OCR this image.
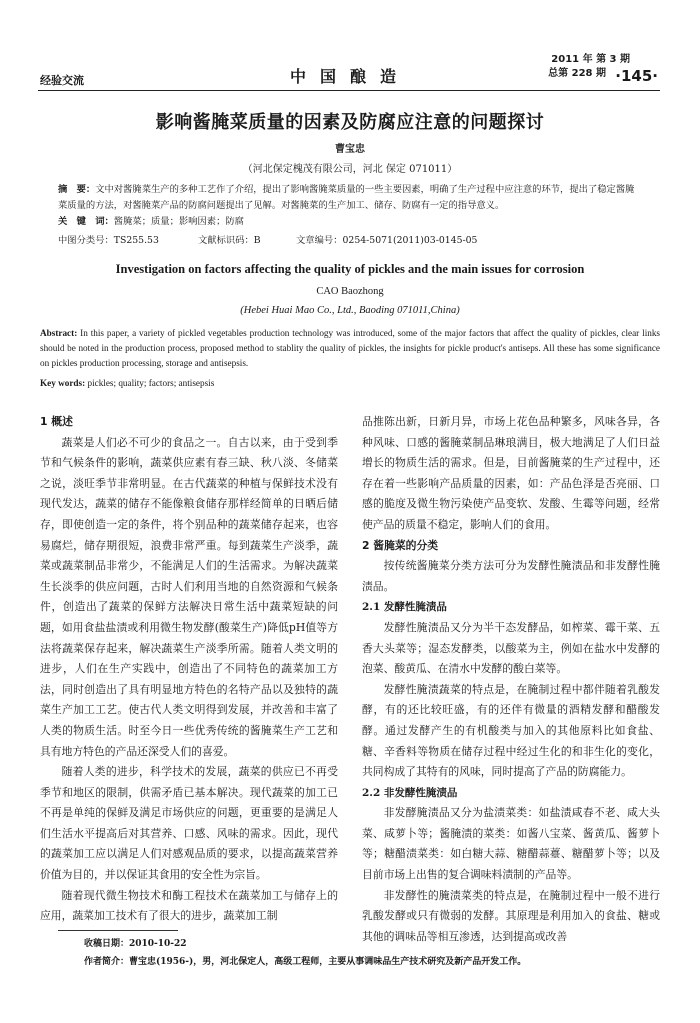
经验交流	中国酿造
2011 年 第 3 期
总第 228 期 ·145·
影响酱腌菜质量的因素及防腐应注意的问题探讨
曹宝忠
（河北保定槐茂有限公司，河北 保定 071011）
摘　要：文中对酱腌菜生产的多种工艺作了介绍，提出了影响酱腌菜质量的一些主要因素，明确了生产过程中应注意的环节，提出了稳定酱腌菜质量的方法，对酱腌菜产品的防腐问题提出了见解。对酱腌菜的生产加工、储存、防腐有一定的指导意义。
关　键　词：酱腌菜；质量；影响因素；防腐
中图分类号：TS255.53	文献标识码：B	文章编号：0254-5071(2011)03-0145-05
Investigation on factors affecting the quality of pickles and the main issues for corrosion
CAO Baozhong
(Hebei Huai Mao Co., Ltd., Baoding 071011,China)
Abstract: In this paper, a variety of pickled vegetables production technology was introduced, some of the major factors that affect the quality of pickles, clear links should be noted in the production process, proposed method to stablity the quality of pickles, the insights for pickle product's antiseps. All these has some significance on pickles production processing, storage and antisepsis.
Key words: pickles; quality; factors; antisepsis

1 概述

蔬菜是人们必不可少的食品之一。自古以来，由于受到季节和气候条件的影响，蔬菜供应素有春三缺、秋八淡、冬储菜之说，淡旺季节非常明显。在古代蔬菜的种植与保鲜技术没有现代发达，蔬菜的储存不能像粮食储存那样经简单的日晒后储存，即使创造一定的条件，将个别品种的蔬菜储存起来，也容易腐烂，储存期很短，浪费非常严重。每到蔬菜生产淡季，蔬菜或蔬菜制品非常少，不能满足人们的生活需求。为解决蔬菜生长淡季的供应问题，古时人们利用当地的自然资源和气候条件，创造出了蔬菜的保鲜方法解决日常生活中蔬菜短缺的问题，如用食盐盐渍或利用微生物发酵(酸菜生产)降低pH值等方法将蔬菜保存起来，解决蔬菜生产淡季所需。随着人类文明的进步，人们在生产实践中，创造出了不同特色的蔬菜加工方法，同时创造出了具有明显地方特色的名特产品以及独特的蔬菜生产加工工艺。使古代人类文明得到发展，并改善和丰富了人类的物质生活。时至今日一些优秀传统的酱腌菜生产工艺和具有地方特色的产品还深受人们的喜爱。

随着人类的进步，科学技术的发展，蔬菜的供应已不再受季节和地区的限制，供需矛盾已基本解决。现代蔬菜的加工已不再是单纯的保鲜及满足市场供应的问题，更重要的是满足人们生活水平提高后对其营养、口感、风味的需求。因此，现代的蔬菜加工应以满足人们对感观品质的要求，以提高蔬菜营养价值为目的，并以保证其食用的安全性为宗旨。

随着现代微生物技术和酶工程技术在蔬菜加工与储存上的应用，蔬菜加工技术有了很大的进步，蔬菜加工制

品推陈出新，日新月异，市场上花色品种繁多，风味各异，各种风味、口感的酱腌菜制品琳琅满目，极大地满足了人们日益增长的物质生活的需求。但是，目前酱腌菜的生产过程中，还存在着一些影响产品质量的因素，如：产品色泽是否亮丽、口感的脆度及微生物污染使产品变软、发酸、生霉等问题，经常使产品的质量不稳定，影响人们的食用。

2 酱腌菜的分类

按传统酱腌菜分类方法可分为发酵性腌渍品和非发酵性腌渍品。

2.1 发酵性腌渍品

发酵性腌渍品又分为半干态发酵品，如榨菜、霉干菜、五香大头菜等；湿态发酵类，以酸菜为主，例如在盐水中发酵的泡菜、酸黄瓜、在清水中发酵的酸白菜等。

发酵性腌渍蔬菜的特点是，在腌制过程中都伴随着乳酸发酵，有的还比较旺盛，有的还伴有微量的酒精发酵和醋酸发酵。通过发酵产生的有机酸类与加入的其他原料比如食盐、糖、辛香料等物质在储存过程中经过生化的和非生化的变化，共同构成了其特有的风味，同时提高了产品的防腐能力。

2.2 非发酵性腌渍品

非发酵腌渍品又分为盐渍菜类：如盐渍咸春不老、咸大头菜、咸萝卜等；酱腌渍的菜类：如酱八宝菜、酱黄瓜、酱萝卜等；糖醋渍菜类：如白糖大蒜、糖醋蒜薹、糖醋萝卜等；以及目前市场上出售的复合调味料渍制的产品等。

非发酵性的腌渍菜类的特点是，在腌制过程中一般不进行乳酸发酵或只有微弱的发酵。其原理是利用加入的食盐、糖或其他的调味品等相互渗透，达到提高或改善

收稿日期：2010-10-22
作者简介：曹宝忠(1956-)，男，河北保定人，高级工程师，主要从事调味品生产技术研究及新产品开发工作。
